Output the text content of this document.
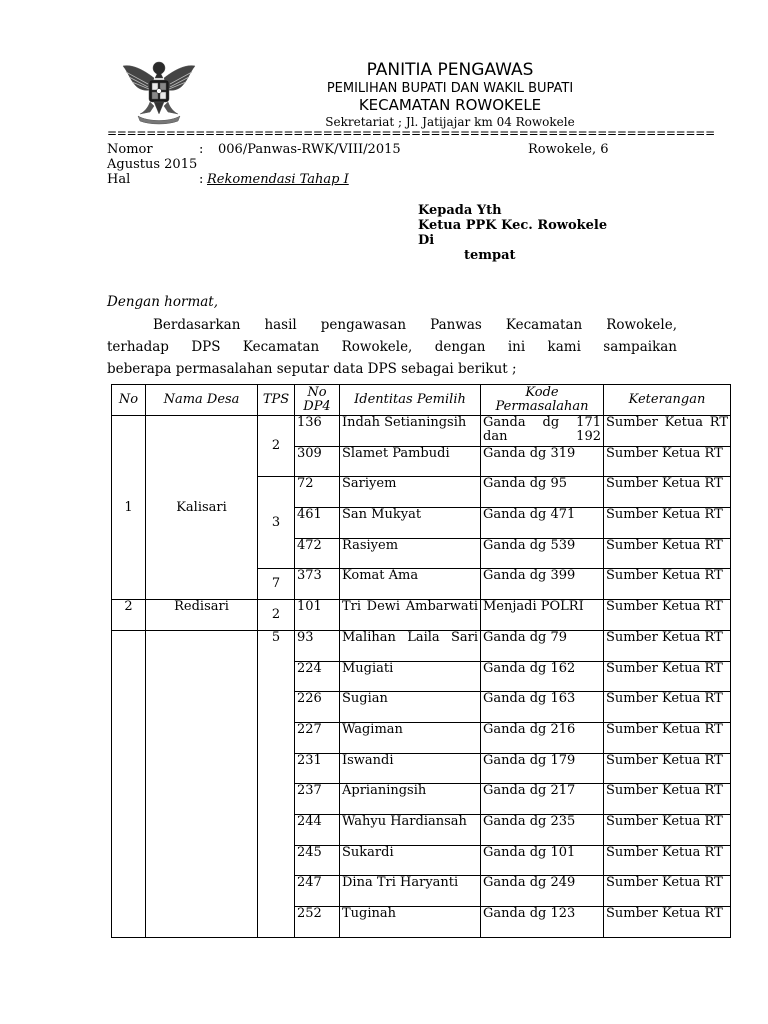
PANITIA PENGAWAS
PEMILIHAN BUPATI DAN WAKIL BUPATI
KECAMATAN ROWOKELE
Sekretariat ; Jl. Jatijajar km 04 Rowokele
==============================================================
Nomor	: 006/Panwas-RWK/VIII/2015	Rowokele, 6
Agustus 2015
Hal	: Rekomendasi Tahap I
Kepada Yth
Ketua PPK Kec. Rowokele
Di
tempat
Dengan hormat,
Berdasarkan hasil pengawasan Panwas Kecamatan Rowokele,
terhadap DPS Kecamatan Rowokele, dengan ini kami sampaikan
beberapa permasalahan seputar data DPS sebagai berikut ;
No	Nama Desa	TPS	No DP4	Identitas Pemilih	Kode Permasalahan	Keterangan
1	Kalisari	2	136	Indah Setianingsih	Ganda dg 171 dan 192	Sumber Ketua RT
			309	Slamet Pambudi	Ganda dg 319	Sumber Ketua RT
		3	72	Sariyem	Ganda dg 95	Sumber Ketua RT
			461	San Mukyat	Ganda dg 471	Sumber Ketua RT
			472	Rasiyem	Ganda dg 539	Sumber Ketua RT
		7	373	Komat Ama	Ganda dg 399	Sumber Ketua RT
2	Redisari	2	101	Tri Dewi Ambarwati	Menjadi POLRI	Sumber Ketua RT
		5	93	Malihan Laila Sari	Ganda dg 79	Sumber Ketua RT
			224	Mugiati	Ganda dg 162	Sumber Ketua RT
			226	Sugian	Ganda dg 163	Sumber Ketua RT
			227	Wagiman	Ganda dg 216	Sumber Ketua RT
			231	Iswandi	Ganda dg 179	Sumber Ketua RT
			237	Aprianingsih	Ganda dg 217	Sumber Ketua RT
			244	Wahyu Hardiansah	Ganda dg 235	Sumber Ketua RT
			245	Sukardi	Ganda dg 101	Sumber Ketua RT
			247	Dina Tri Haryanti	Ganda dg 249	Sumber Ketua RT
			252	Tuginah	Ganda dg 123	Sumber Ketua RT
